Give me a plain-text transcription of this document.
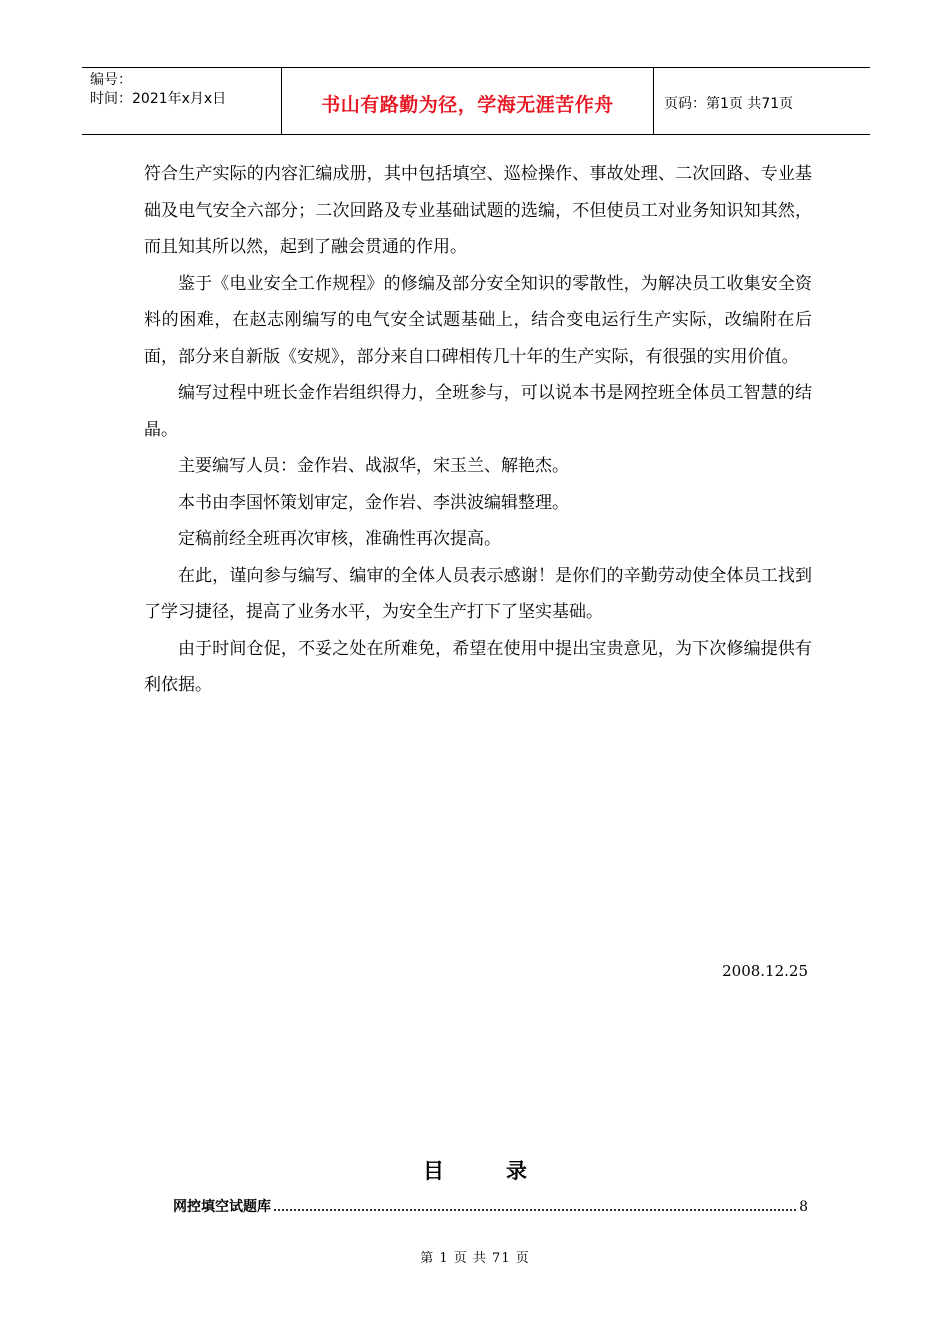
编号：
时间：2021年x月x日	书山有路勤为径，学海无涯苦作舟	页码：第1页 共71页

符合生产实际的内容汇编成册，其中包括填空、巡检操作、事故处理、二次回路、专业基础及电气安全六部分；二次回路及专业基础试题的选编，不但使员工对业务知识知其然，而且知其所以然，起到了融会贯通的作用。

鉴于《电业安全工作规程》的修编及部分安全知识的零散性，为解决员工收集安全资料的困难，在赵志刚编写的电气安全试题基础上，结合变电运行生产实际，改编附在后面，部分来自新版《安规》，部分来自口碑相传几十年的生产实际，有很强的实用价值。

编写过程中班长金作岩组织得力，全班参与，可以说本书是网控班全体员工智慧的结晶。

主要编写人员：金作岩、战淑华，宋玉兰、解艳杰。

本书由李国怀策划审定，金作岩、李洪波编辑整理。

定稿前经全班再次审核，准确性再次提高。

在此，谨向参与编写、编审的全体人员表示感谢！是你们的辛勤劳动使全体员工找到了学习捷径，提高了业务水平，为安全生产打下了坚实基础。

由于时间仓促，不妥之处在所难免，希望在使用中提出宝贵意见，为下次修编提供有利依据。

2008.12.25
目	录
网控填空试题库	8
第 1 页 共 71 页
